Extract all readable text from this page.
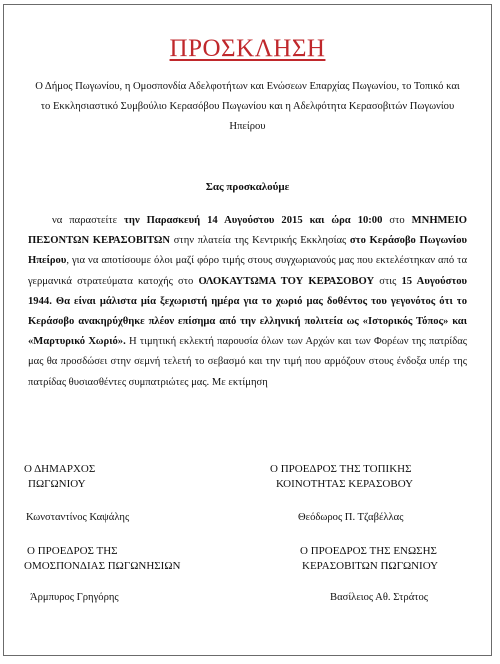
ΠΡΟΣΚΛΗΣΗ
Ο Δήμος Πωγωνίου, η Ομοσπονδία Αδελφοτήτων και Ενώσεων Επαρχίας Πωγωνίου, το Τοπικό και το Εκκλησιαστικό Συμβούλιο Κερασόβου Πωγωνίου και η Αδελφότητα Κερασοβιτών Πωγωνίου Ηπείρου
Σας προσκαλούμε

να παραστείτε την Παρασκευή 14 Αυγούστου 2015 και ώρα 10:00 στο ΜΝΗΜΕΙΟ ΠΕΣΟΝΤΩΝ ΚΕΡΑΣΟΒΙΤΩΝ στην πλατεία της Κεντρικής Εκκλησίας στο Κεράσοβο Πωγωνίου Ηπείρου, για να αποτίσουμε όλοι μαζί φόρο τιμής στους συγχωριανούς μας που εκτελέστηκαν από τα γερμανικά στρατεύματα κατοχής στο ΟΛΟΚΑΥΤΩΜΑ ΤΟΥ ΚΕΡΑΣΟΒΟΥ στις 15 Αυγούστου 1944. Θα είναι μάλιστα μία ξεχωριστή ημέρα για το χωριό μας δοθέντος του γεγονότος ότι το Κεράσοβο ανακηρύχθηκε πλέον επίσημα από την ελληνική πολιτεία ως «Ιστορικός Τόπος» και «Μαρτυρικό Χωριό». Η τιμητική εκλεκτή παρουσία όλων των Αρχών και των Φορέων της πατρίδας μας θα προσδώσει στην σεμνή τελετή το σεβασμό και την τιμή που αρμόζουν στους ένδοξα υπέρ της πατρίδας θυσιασθέντες συμπατριώτες μας. Με εκτίμηση

Ο ΔΗΜΑΡΧΟΣ
ΠΩΓΩΝΙΟΥ
Κωνσταντίνος Καψάλης
Ο ΠΡΟΕΔΡΟΣ ΤΗΣ ΤΟΠΙΚΗΣ
ΚΟΙΝΟΤΗΤΑΣ ΚΕΡΑΣΟΒΟΥ
Θεόδωρος Π. Τζαβέλλας
Ο ΠΡΟΕΔΡΟΣ ΤΗΣ
ΟΜΟΣΠΟΝΔΙΑΣ ΠΩΓΩΝΗΣΙΩΝ
Άρμπυρος Γρηγόρης
Ο ΠΡΟΕΔΡΟΣ ΤΗΣ ΕΝΩΣΗΣ
ΚΕΡΑΣΟΒΙΤΩΝ ΠΩΓΩΝΙΟΥ
Βασίλειος Αθ. Στράτος
